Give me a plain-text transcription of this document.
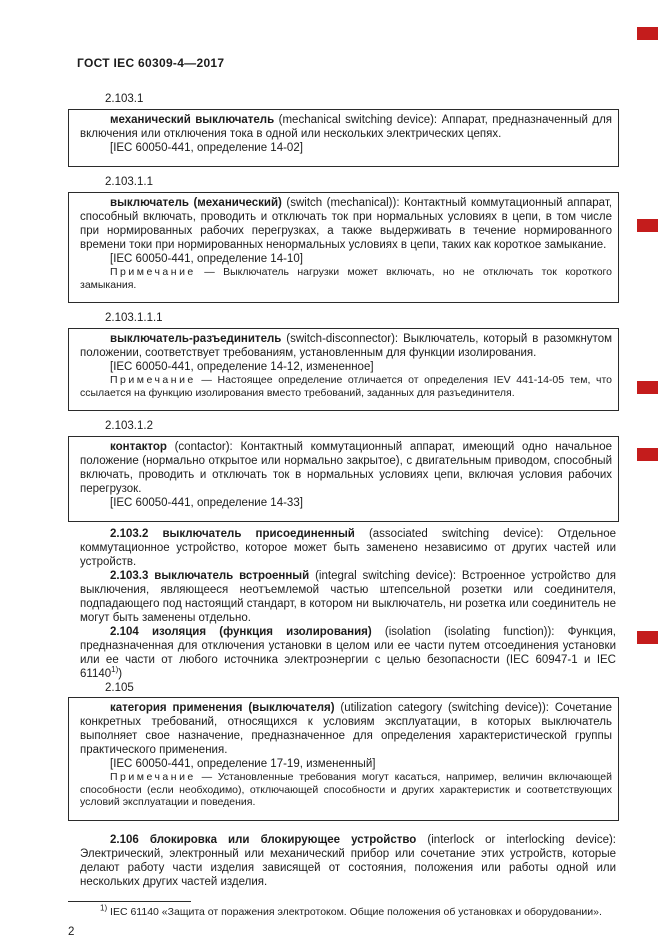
ГОСТ IEC 60309-4—2017
2.103.1

механический выключатель (mechanical switching device): Аппарат, предназначенный для включения или отключения тока в одной или нескольких электрических цепях.

[IEC 60050-441, определение 14-02]

2.103.1.1

выключатель (механический) (switch (mechanical)): Контактный коммутационный аппарат, способный включать, проводить и отключать ток при нормальных условиях в цепи, в том числе при нормированных рабочих перегрузках, а также выдерживать в течение нормированного времени токи при нормированных ненормальных условиях в цепи, таких как короткое замыкание.

[IEC 60050-441, определение 14-10]

Примечание — Выключатель нагрузки может включать, но не отключать ток короткого замыкания.

2.103.1.1.1

выключатель-разъединитель (switch-disconnector): Выключатель, который в разомкнутом положении, соответствует требованиям, установленным для функции изолирования.

[IEC 60050-441, определение 14-12, измененное]

Примечание — Настоящее определение отличается от определения IEV 441-14-05 тем, что ссылается на функцию изолирования вместо требований, заданных для разъединителя.

2.103.1.2

контактор (contactor): Контактный коммутационный аппарат, имеющий одно начальное положение (нормально открытое или нормально закрытое), с двигательным приводом, способный включать, проводить и отключать ток в нормальных условиях цепи, включая условия рабочих перегрузок.

[IEC 60050-441, определение 14-33]

2.103.2 выключатель присоединенный (associated switching device): Отдельное коммутационное устройство, которое может быть заменено независимо от других частей или устройств.

2.103.3 выключатель встроенный (integral switching device): Встроенное устройство для выключения, являющееся неотъемлемой частью штепсельной розетки или соединителя, подпадающего под настоящий стандарт, в котором ни выключатель, ни розетка или соединитель не могут быть заменены отдельно.

2.104 изоляция (функция изолирования) (isolation (isolating function)): Функция, предназначенная для отключения установки в целом или ее части путем отсоединения установки или ее части от любого источника электроэнергии с целью безопасности (IEC 60947-1 и IEC 61140$^{1)}$)

2.105

категория применения (выключателя) (utilization category (switching device)): Сочетание конкретных требований, относящихся к условиям эксплуатации, в которых выключатель выполняет свое назначение, предназначенное для определения характеристической группы практического применения.

[IEC 60050-441, определение 17-19, измененный]

Примечание — Установленные требования могут касаться, например, величин включающей способности (если необходимо), отключающей способности и других характеристик и соответствующих условий эксплуатации и поведения.

2.106 блокировка или блокирующее устройство (interlock or interlocking device): Электрический, электронный или механический прибор или сочетание этих устройств, которые делают работу части изделия зависящей от состояния, положения или работы одной или нескольких других частей изделия.

$^{1)}$ IEC 61140 «Защита от поражения электротоком. Общие положения об установках и оборудовании».

2
